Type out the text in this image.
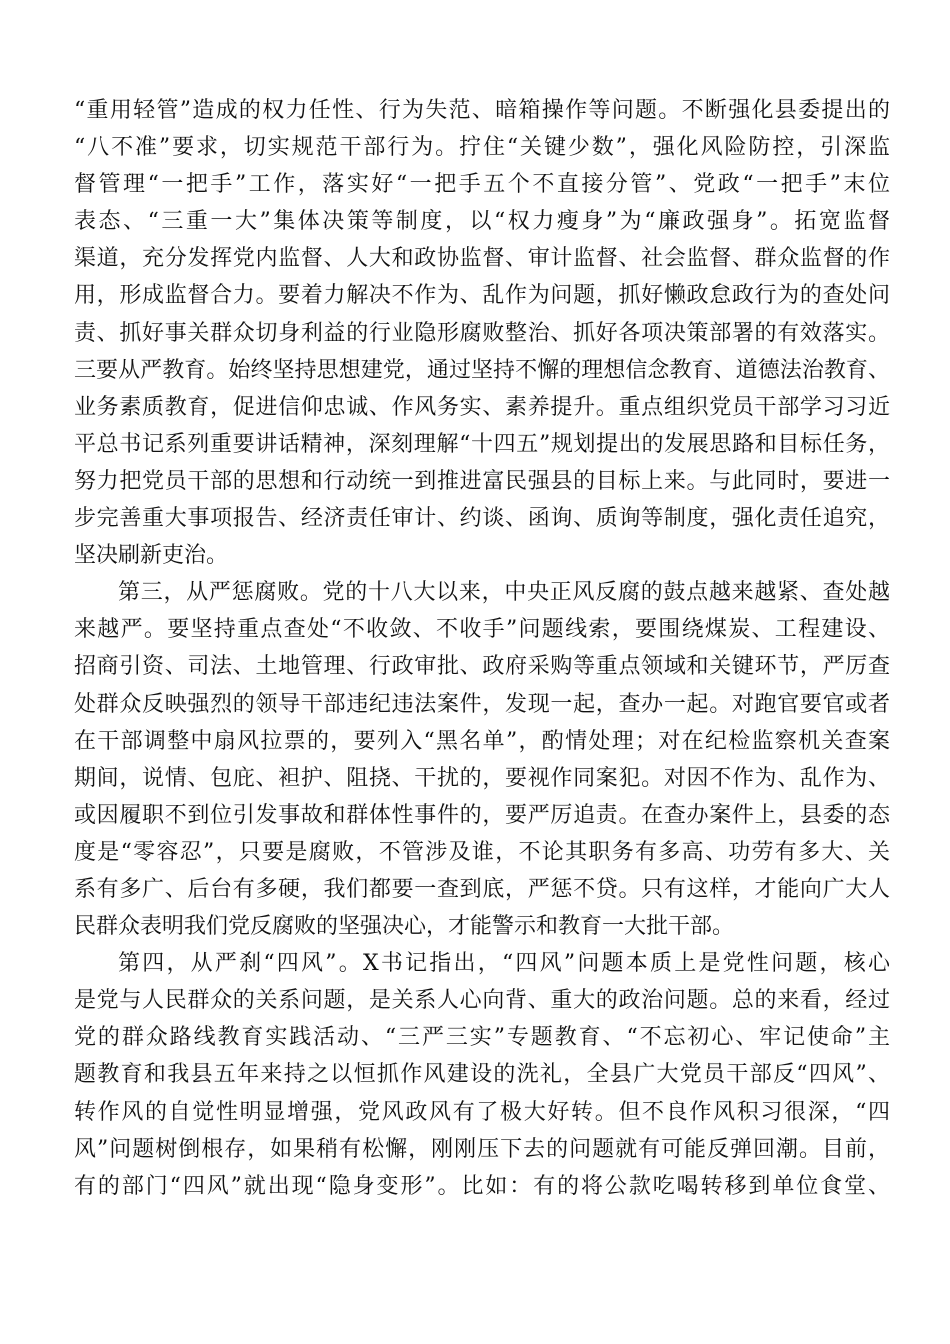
“重用轻管”造成的权力任性、行为失范、暗箱操作等问题。不断强化县委提出的
“八不准”要求，切实规范干部行为。拧住“关键少数”，强化风险防控，引深监
督管理“一把手”工作，落实好“一把手五个不直接分管”、党政“一把手”末位
表态、“三重一大”集体决策等制度，以“权力瘦身”为“廉政强身”。拓宽监督
渠道，充分发挥党内监督、人大和政协监督、审计监督、社会监督、群众监督的作
用，形成监督合力。要着力解决不作为、乱作为问题，抓好懒政怠政行为的查处问
责、抓好事关群众切身利益的行业隐形腐败整治、抓好各项决策部署的有效落实。
三要从严教育。始终坚持思想建党，通过坚持不懈的理想信念教育、道德法治教育、
业务素质教育，促进信仰忠诚、作风务实、素养提升。重点组织党员干部学习习近
平总书记系列重要讲话精神，深刻理解“十四五”规划提出的发展思路和目标任务，
努力把党员干部的思想和行动统一到推进富民强县的目标上来。与此同时，要进一
步完善重大事项报告、经济责任审计、约谈、函询、质询等制度，强化责任追究，
坚决刷新吏治。
第三，从严惩腐败。党的十八大以来，中央正风反腐的鼓点越来越紧、查处越
来越严。要坚持重点查处“不收敛、不收手”问题线索，要围绕煤炭、工程建设、
招商引资、司法、土地管理、行政审批、政府采购等重点领域和关键环节，严厉查
处群众反映强烈的领导干部违纪违法案件，发现一起，查办一起。对跑官要官或者
在干部调整中扇风拉票的，要列入“黑名单”，酌情处理；对在纪检监察机关查案
期间，说情、包庇、袒护、阻挠、干扰的，要视作同案犯。对因不作为、乱作为、
或因履职不到位引发事故和群体性事件的，要严厉追责。在查办案件上，县委的态
度是“零容忍”，只要是腐败，不管涉及谁，不论其职务有多高、功劳有多大、关
系有多广、后台有多硬，我们都要一查到底，严惩不贷。只有这样，才能向广大人
民群众表明我们党反腐败的坚强决心，才能警示和教育一大批干部。
第四，从严刹“四风”。X书记指出，“四风”问题本质上是党性问题，核心
是党与人民群众的关系问题，是关系人心向背、重大的政治问题。总的来看，经过
党的群众路线教育实践活动、“三严三实”专题教育、“不忘初心、牢记使命”主
题教育和我县五年来持之以恒抓作风建设的洗礼，全县广大党员干部反“四风”、
转作风的自觉性明显增强，党风政风有了极大好转。但不良作风积习很深，“四
风”问题树倒根存，如果稍有松懈，刚刚压下去的问题就有可能反弹回潮。目前，
有的部门“四风”就出现“隐身变形”。比如：有的将公款吃喝转移到单位食堂、
